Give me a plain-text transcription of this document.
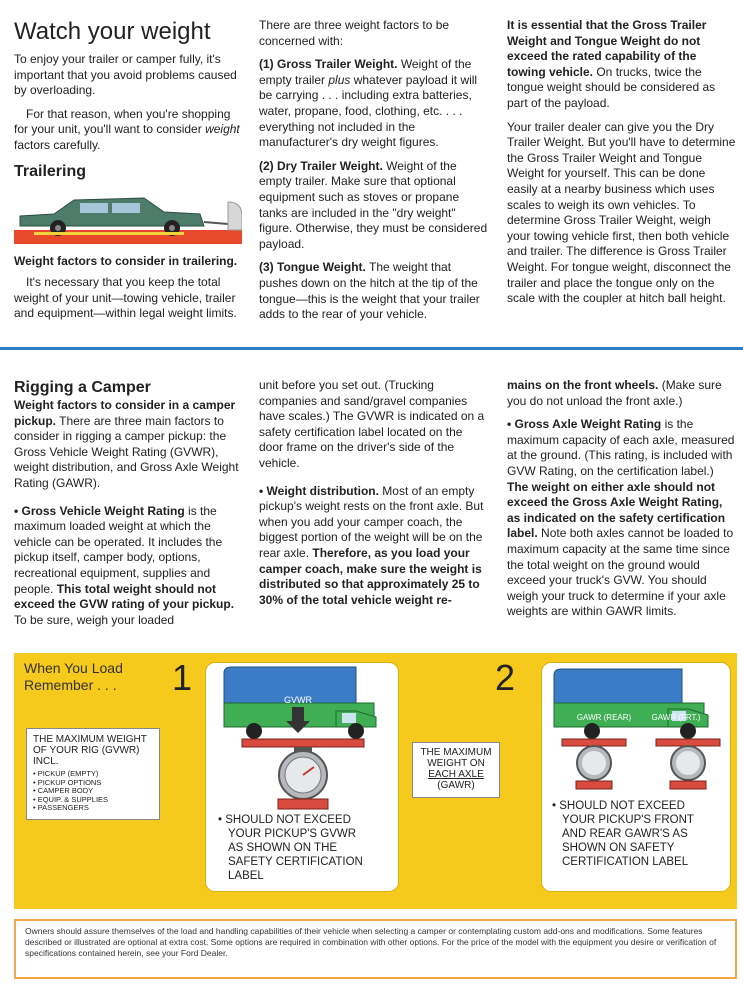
Watch your weight

To enjoy your trailer or camper fully, it's important that you avoid problems caused by overloading.

For that reason, when you're shopping for your unit, you'll want to consider weight factors carefully.

Trailering
Weight factors to consider in trailering.

It's necessary that you keep the total weight of your unit—towing vehicle, trailer and equipment—within legal weight limits.

There are three weight factors to be concerned with:

(1) Gross Trailer Weight. Weight of the empty trailer plus whatever payload it will be carrying . . . including extra batteries, water, propane, food, clothing, etc. . . . everything not included in the manufacturer's dry weight figures.

(2) Dry Trailer Weight. Weight of the empty trailer. Make sure that optional equipment such as stoves or propane tanks are included in the "dry weight" figure. Otherwise, they must be considered payload.

(3) Tongue Weight. The weight that pushes down on the hitch at the tip of the tongue—this is the weight that your trailer adds to the rear of your vehicle.

It is essential that the Gross Trailer Weight and Tongue Weight do not exceed the rated capability of the towing vehicle. On trucks, twice the tongue weight should be considered as part of the payload.

Your trailer dealer can give you the Dry Trailer Weight. But you'll have to determine the Gross Trailer Weight and Tongue Weight for yourself. This can be done easily at a nearby business which uses scales to weigh its own vehicles. To determine Gross Trailer Weight, weigh your towing vehicle first, then both vehicle and trailer. The difference is Gross Trailer Weight. For tongue weight, disconnect the trailer and place the tongue only on the scale with the coupler at hitch ball height.

Rigging a Camper

Weight factors to consider in a camper pickup. There are three main factors to consider in rigging a camper pickup: the Gross Vehicle Weight Rating (GVWR), weight distribution, and Gross Axle Weight Rating (GAWR).

• Gross Vehicle Weight Rating is the maximum loaded weight at which the vehicle can be operated. It includes the pickup itself, camper body, options, recreational equipment, supplies and people. This total weight should not exceed the GVW rating of your pickup. To be sure, weigh your loaded

unit before you set out. (Trucking companies and sand/gravel companies have scales.) The GVWR is indicated on a safety certification label located on the door frame on the driver's side of the vehicle.

• Weight distribution. Most of an empty pickup's weight rests on the front axle. But when you add your camper coach, the biggest portion of the weight will be on the rear axle. Therefore, as you load your camper coach, make sure the weight is distributed so that approximately 25 to 30% of the total vehicle weight re-

mains on the front wheels. (Make sure you do not unload the front axle.)

• Gross Axle Weight Rating is the maximum capacity of each axle, measured at the ground. (This rating, is included with GVW Rating, on the certification label.) The weight on either axle should not exceed the Gross Axle Weight Rating, as indicated on the safety certification label. Note both axles cannot be loaded to maximum capacity at the same time since the total weight on the ground would exceed your truck's GVW. You should weigh your truck to determine if your axle weights are within GAWR limits.

When You Load
Remember . . . 1	2
GVWR
• SHOULD NOT EXCEED
YOUR PICKUP'S GVWR
AS SHOWN ON THE
SAFETY CERTIFICATION
LABEL
THE MAXIMUM WEIGHT
OF YOUR RIG (GVWR)
INCL.
• PICKUP (EMPTY)
• PICKUP OPTIONS
• CAMPER BODY
• EQUIP. & SUPPLIES
• PASSENGERS
GAWR (REAR)	GAWR (FRT.)
• SHOULD NOT EXCEED
YOUR PICKUP'S FRONT
AND REAR GAWR'S AS
SHOWN ON SAFETY
CERTIFICATION LABEL
THE MAXIMUM
WEIGHT ON
EACH AXLE
(GAWR)
Owners should assure themselves of the load and handling capabilities of their vehicle when selecting a camper or contemplating custom add-ons and modifications. Some features described or illustrated are optional at extra cost. Some options are required in combination with other options. For the price of the model with the equipment you desire or verification of specifications contained herein, see your Ford Dealer.
